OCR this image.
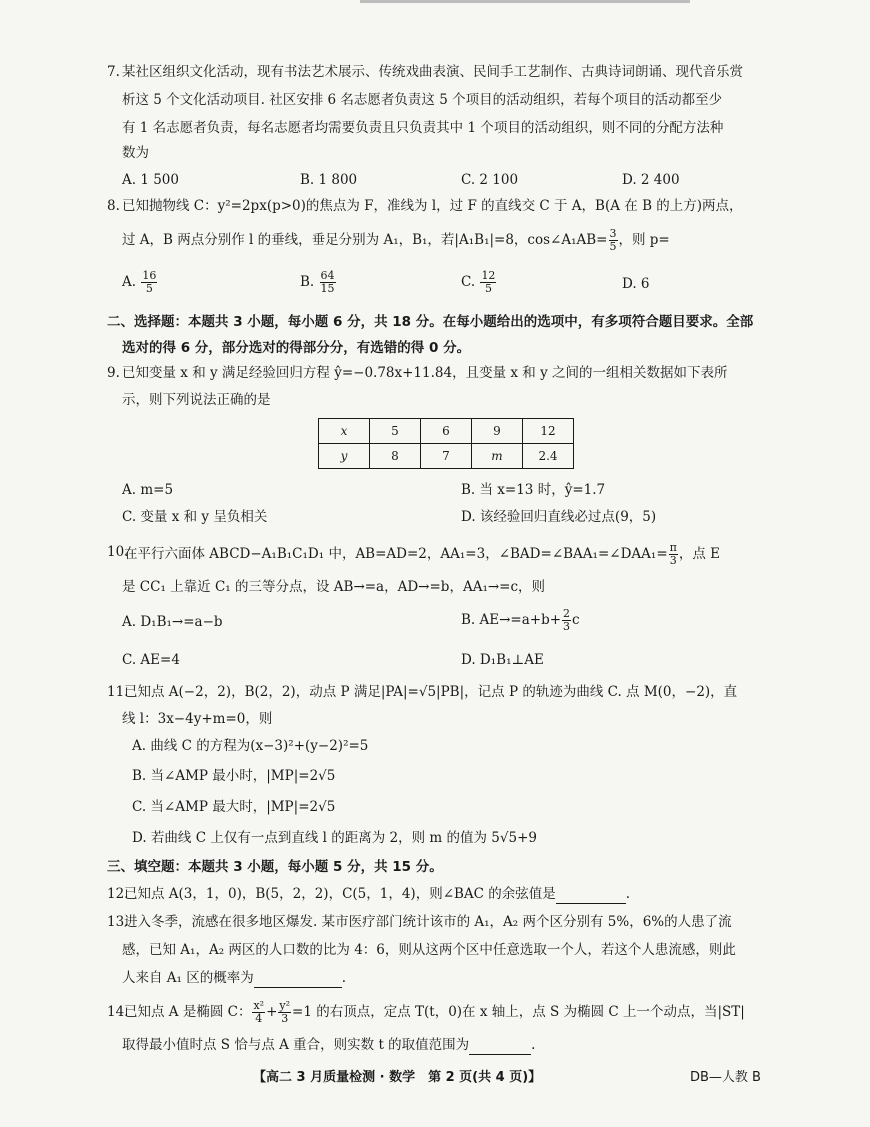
7. 某社区组织文化活动，现有书法艺术展示、传统戏曲表演、民间手工艺制作、古典诗词朗诵、现代音乐赏
析这 5 个文化活动项目. 社区安排 6 名志愿者负责这 5 个项目的活动组织，若每个项目的活动都至少
有 1 名志愿者负责，每名志愿者均需要负责且只负责其中 1 个项目的活动组织，则不同的分配方法种
数为
A. 1 500	B. 1 800	C. 2 100	D. 2 400
8. 已知抛物线 C：y²=2px(p>0)的焦点为 F，准线为 l，过 F 的直线交 C 于 A，B(A 在 B 的上方)两点，
过 A，B 两点分别作 l 的垂线，垂足分别为 A₁，B₁，若|A₁B₁|=8，cos∠A₁AB= $\frac{3}{5}$ ，则 p=
A. $\frac{16}{5}$	B. $\frac{64}{15}$	C. $\frac{12}{5}$	D. 6
二、选择题：本题共 3 小题，每小题 6 分，共 18 分。在每小题给出的选项中，有多项符合题目要求。全部
选对的得 6 分，部分选对的得部分分，有选错的得 0 分。
9. 已知变量 x 和 y 满足经验回归方程 ŷ=−0.78x+11.84，且变量 x 和 y 之间的一组相关数据如下表所
示，则下列说法正确的是
x	5	6	9	12
y	8	7	m	2.4
A. m=5	B. 当 x=13 时，ŷ=1.7
C. 变量 x 和 y 呈负相关	D. 该经验回归直线必过点(9，5)
10.
在平行六面体 ABCD−A₁B₁C₁D₁ 中，AB=AD=2，AA₁=3，∠BAD=∠BAA₁=∠DAA₁= $\frac{\pi}{3}$ ，点 E
是 CC₁ 上靠近 C₁ 的三等分点，设 AB→=a，AD→=b，AA₁→=c，则
A. D₁B₁→=a−b	B. $AE\to=a+b+ \frac{2}{3}$ c
C. AE=4	D. D₁B₁⊥AE
11.
已知点 A(−2，2)，B(2，2)，动点 P 满足|PA|=√5|PB|，记点 P 的轨迹为曲线 C. 点 M(0，−2)，直
线 l：3x−4y+m=0，则
A. 曲线 C 的方程为(x−3)²+(y−2)²=5
B. 当∠AMP 最小时，|MP|=2√5
C. 当∠AMP 最大时，|MP|=2√5
D. 若曲线 C 上仅有一点到直线 l 的距离为 2，则 m 的值为 5√5+9
三、填空题：本题共 3 小题，每小题 5 分，共 15 分。
12.
已知点 A(3，1，0)，B(5，2，2)，C(5，1，4)，则∠BAC 的余弦值是	.
13.
进入冬季，流感在很多地区爆发. 某市医疗部门统计该市的 A₁，A₂ 两个区分别有 5%，6%的人患了流
感，已知 A₁，A₂ 两区的人口数的比为 4：6，则从这两个区中任意选取一个人，若这个人患流感，则此
人来自 A₁ 区的概率为	.
14.
已知点 A 是椭圆 C： $\frac{\text{x²}}{4} + \frac{\text{y²}}{3} =1$ 的右顶点，定点 T(t，0)在 x 轴上，点 S 为椭圆 C 上一个动点，当|ST|
取得最小值时点 S 恰与点 A 重合，则实数 t 的取值范围为	.
【高二 3 月质量检测 · 数学　第 2 页(共 4 页)】	DB—人教 B
